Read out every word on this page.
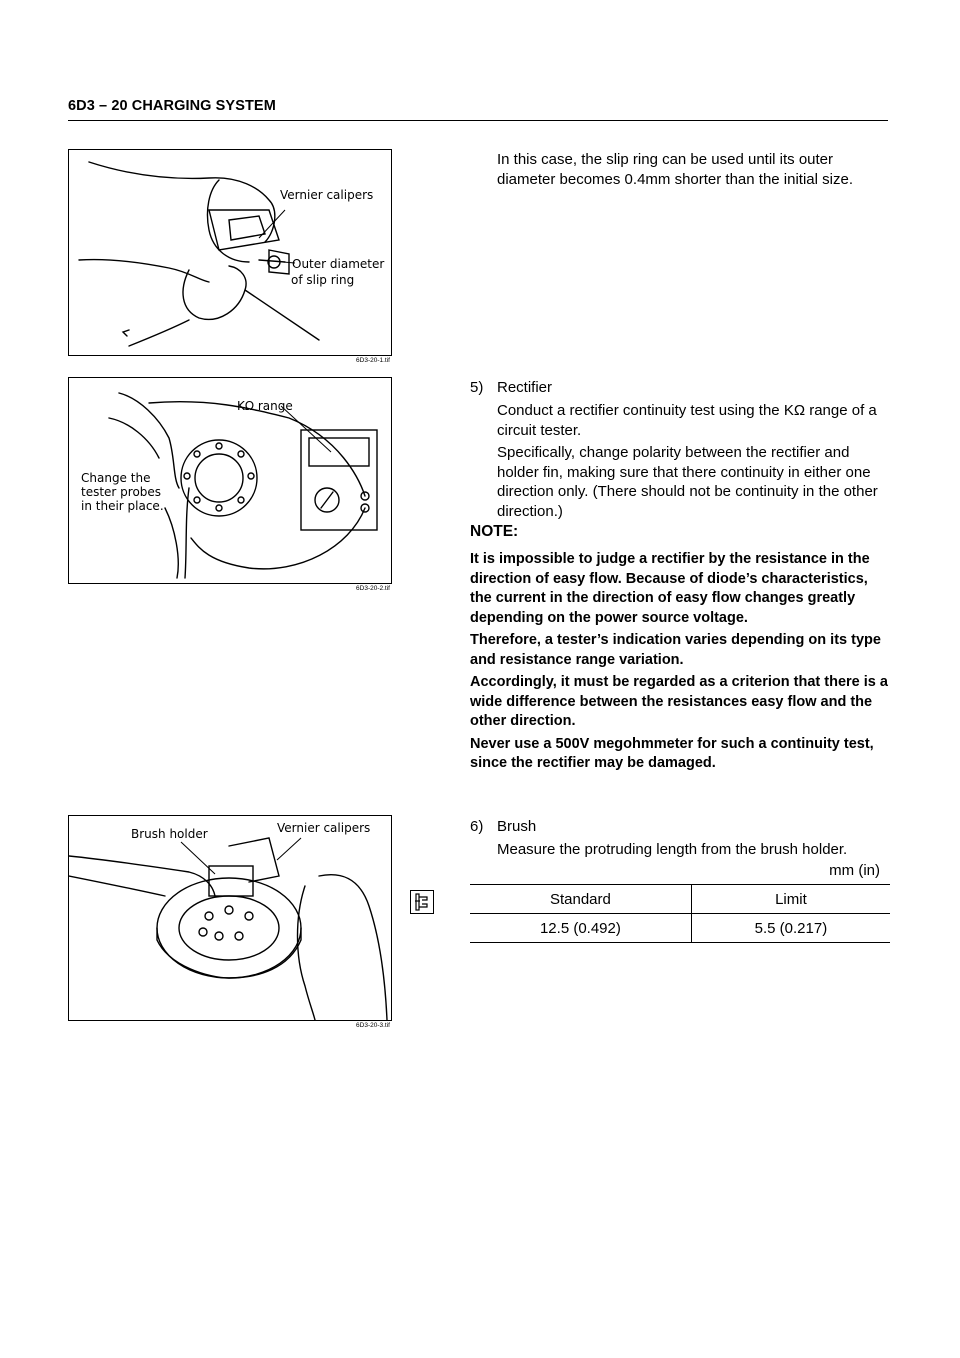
6D3 – 20 CHARGING SYSTEM
Vernier calipers
Outer diameter
of slip ring
6D3-20-1.tif
KΩ range
Change the
tester probes
in their place.
6D3-20-2.tif
Brush holder	Vernier calipers
6D3-20-3.tif
In this case, the slip ring can be used until its outer diameter becomes 0.4mm shorter than the initial size.
5) Rectifier
Conduct a rectifier continuity test using the KΩ range of a circuit tester.
Specifically, change polarity between the rectifier and holder fin, making sure that there continuity in either one direction only. (There should not be continuity in the other direction.)
NOTE:

It is impossible to judge a rectifier by the resistance in the direction of easy flow. Because of diode’s characteristics, the current in the direction of easy flow changes greatly depending on the power source voltage.

Therefore, a tester’s indication varies depending on its type and resistance range variation.

Accordingly, it must be regarded as a criterion that there is a wide difference between the resistances easy flow and the other direction.

Never use a 500V megohmmeter for such a continuity test, since the rectifier may be damaged.

6) Brush
Measure the protruding length from the brush holder.
mm (in)
Standard	Limit
12.5 (0.492)	5.5 (0.217)
